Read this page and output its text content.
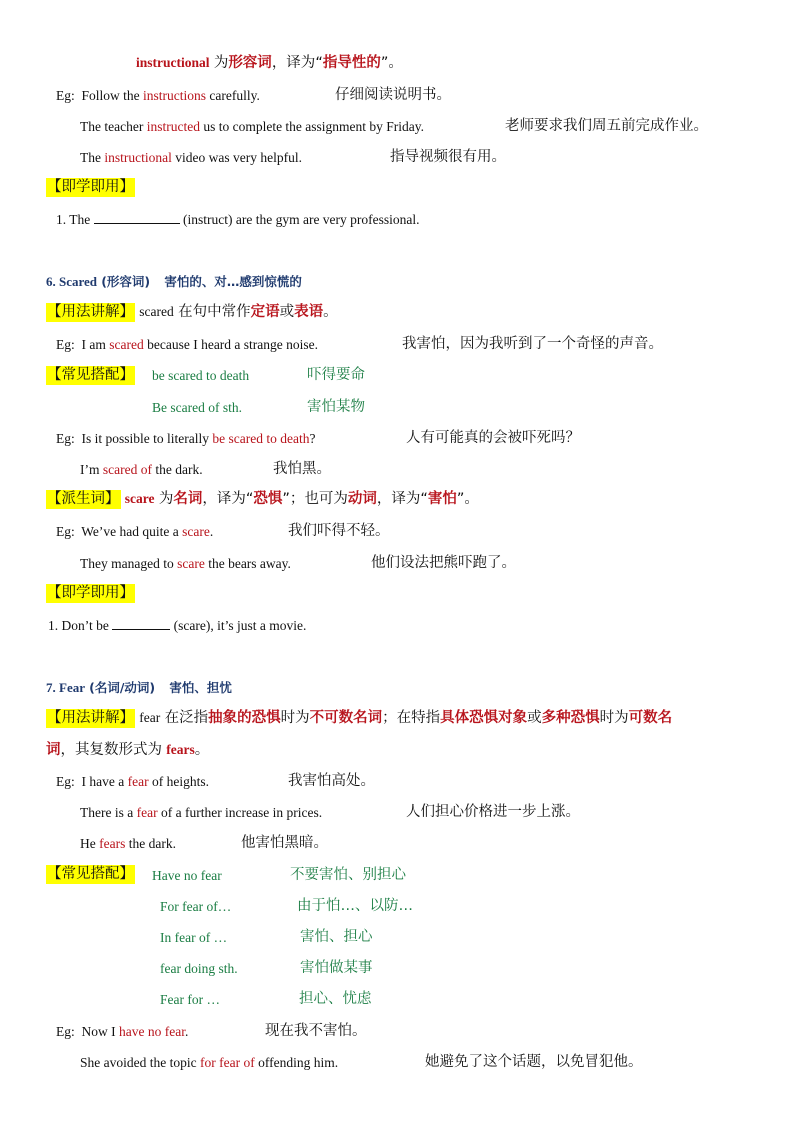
instructional 为形容词，译为“指导性的”。
Eg: Follow the instructions carefully.	仔细阅读说明书。
The teacher instructed us to complete the assignment by Friday.	老师要求我们周五前完成作业。
The instructional video was very helpful.	指导视频很有用。
【即学即用】
1. The	(instruct) are the gym are very professional.
6. Scared (形容词) 害怕的、对…感到惊慌的
【用法讲解】 scared 在句中常作定语或表语。
Eg: I am scared because I heard a strange noise.	我害怕，因为我听到了一个奇怪的声音。
【常见搭配】 be scared to death	吓得要命
Be scared of sth.	害怕某物
Eg: Is it possible to literally be scared to death?	人有可能真的会被吓死吗？
I’m scared of the dark.	我怕黑。
【派生词】 scare 为名词，译为“恐惧”；也可为动词，译为“害怕”。
Eg: We’ve had quite a scare.	我们吓得不轻。
They managed to scare the bears away.	他们设法把熊吓跑了。
【即学即用】
1. Don’t be	(scare), it’s just a movie.
7. Fear (名词/动词) 害怕、担忧
【用法讲解】 fear 在泛指抽象的恐惧时为不可数名词；在特指具体恐惧对象或多种恐惧时为可数名
词，其复数形式为 fears。
Eg: I have a fear of heights.	我害怕高处。
There is a fear of a further increase in prices.	人们担心价格进一步上涨。
He fears the dark.	他害怕黑暗。
【常见搭配】 Have no fear	不要害怕、别担心
For fear of…	由于怕…、以防…
In fear of …	害怕、担心
fear doing sth.	害怕做某事
Fear for …	担心、忧虑
Eg: Now I have no fear.	现在我不害怕。
She avoided the topic for fear of offending him.	她避免了这个话题，以免冒犯他。
